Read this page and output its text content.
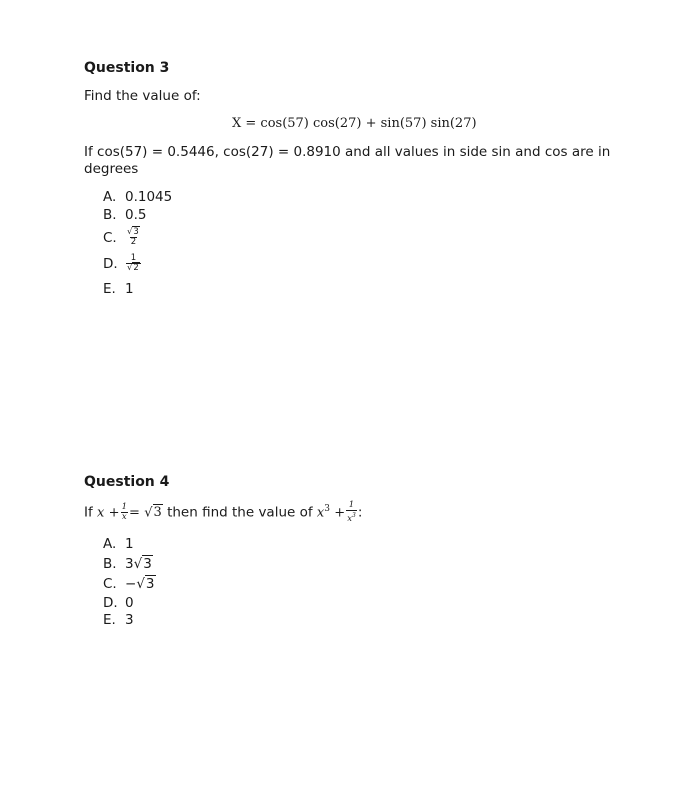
Question 3
Find the value of:
X = cos(57) cos(27) + sin(57) sin(27)
If cos(57) = 0.5446, cos(27) = 0.8910 and all values in side sin and cos are in
degrees
A. 0.1045
B. 0.5
C. $\frac{√3}{2}$
D. $\frac{1}{√2}$
E. 1
Question 4
If $x + \frac{1}{x} = √3$ then find the value of $x^3 + \frac{1}{x^3}$ :
A. 1
B. 3√3
C. −√3
D. 0
E. 3
